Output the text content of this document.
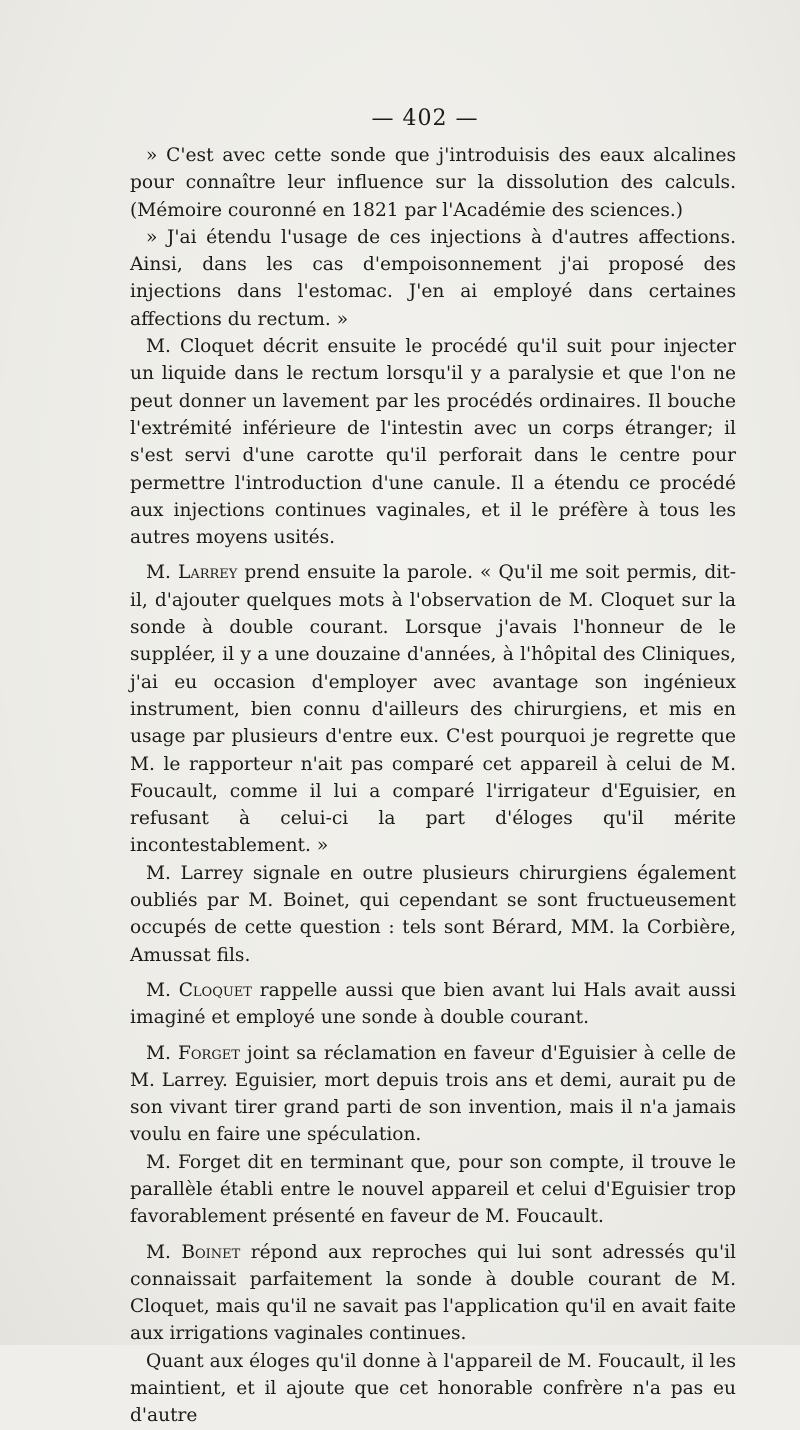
— 402 —

» C'est avec cette sonde que j'introduisis des eaux alcalines pour connaître leur influence sur la dissolution des calculs. (Mémoire couronné en 1821 par l'Académie des sciences.)

» J'ai étendu l'usage de ces injections à d'autres affections. Ainsi, dans les cas d'empoisonnement j'ai proposé des injections dans l'estomac. J'en ai employé dans certaines affections du rectum. »

M. Cloquet décrit ensuite le procédé qu'il suit pour injecter un liquide dans le rectum lorsqu'il y a paralysie et que l'on ne peut donner un lavement par les procédés ordinaires. Il bouche l'extrémité inférieure de l'intestin avec un corps étranger; il s'est servi d'une carotte qu'il perforait dans le centre pour permettre l'introduction d'une canule. Il a étendu ce procédé aux injections continues vaginales, et il le préfère à tous les autres moyens usités.

M. Larrey prend ensuite la parole. « Qu'il me soit permis, dit-il, d'ajouter quelques mots à l'observation de M. Cloquet sur la sonde à double courant. Lorsque j'avais l'honneur de le suppléer, il y a une douzaine d'années, à l'hôpital des Cliniques, j'ai eu occasion d'employer avec avantage son ingénieux instrument, bien connu d'ailleurs des chirurgiens, et mis en usage par plusieurs d'entre eux. C'est pourquoi je regrette que M. le rapporteur n'ait pas comparé cet appareil à celui de M. Foucault, comme il lui a comparé l'irrigateur d'Eguisier, en refusant à celui-ci la part d'éloges qu'il mérite incontestablement. »

M. Larrey signale en outre plusieurs chirurgiens également oubliés par M. Boinet, qui cependant se sont fructueusement occupés de cette question : tels sont Bérard, MM. la Corbière, Amussat fils.

M. Cloquet rappelle aussi que bien avant lui Hals avait aussi imaginé et employé une sonde à double courant.

M. Forget joint sa réclamation en faveur d'Eguisier à celle de M. Larrey. Eguisier, mort depuis trois ans et demi, aurait pu de son vivant tirer grand parti de son invention, mais il n'a jamais voulu en faire une spéculation.

M. Forget dit en terminant que, pour son compte, il trouve le parallèle établi entre le nouvel appareil et celui d'Eguisier trop favorablement présenté en faveur de M. Foucault.

M. Boinet répond aux reproches qui lui sont adressés qu'il connaissait parfaitement la sonde à double courant de M. Cloquet, mais qu'il ne savait pas l'application qu'il en avait faite aux irrigations vaginales continues.

Quant aux éloges qu'il donne à l'appareil de M. Foucault, il les maintient, et il ajoute que cet honorable confrère n'a pas eu d'autre
